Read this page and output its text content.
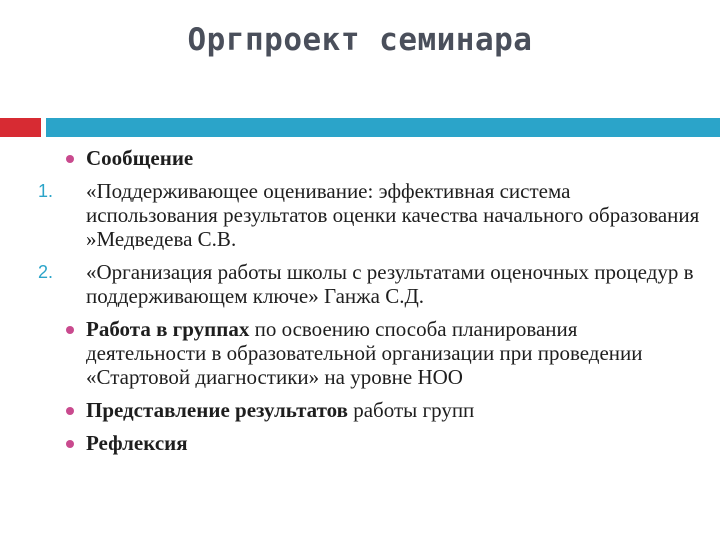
Оргпроект семинара
Сообщение
1. «Поддерживающее оценивание: эффективная система использования результатов оценки качества начального образования »Медведева С.В.
2. «Организация работы школы с результатами оценочных процедур в поддерживающем ключе» Ганжа С.Д.
Работа в группах по освоению способа планирования деятельности в образовательной организации при проведении «Стартовой диагностики» на уровне НОО
Представление результатов работы групп
Рефлексия
